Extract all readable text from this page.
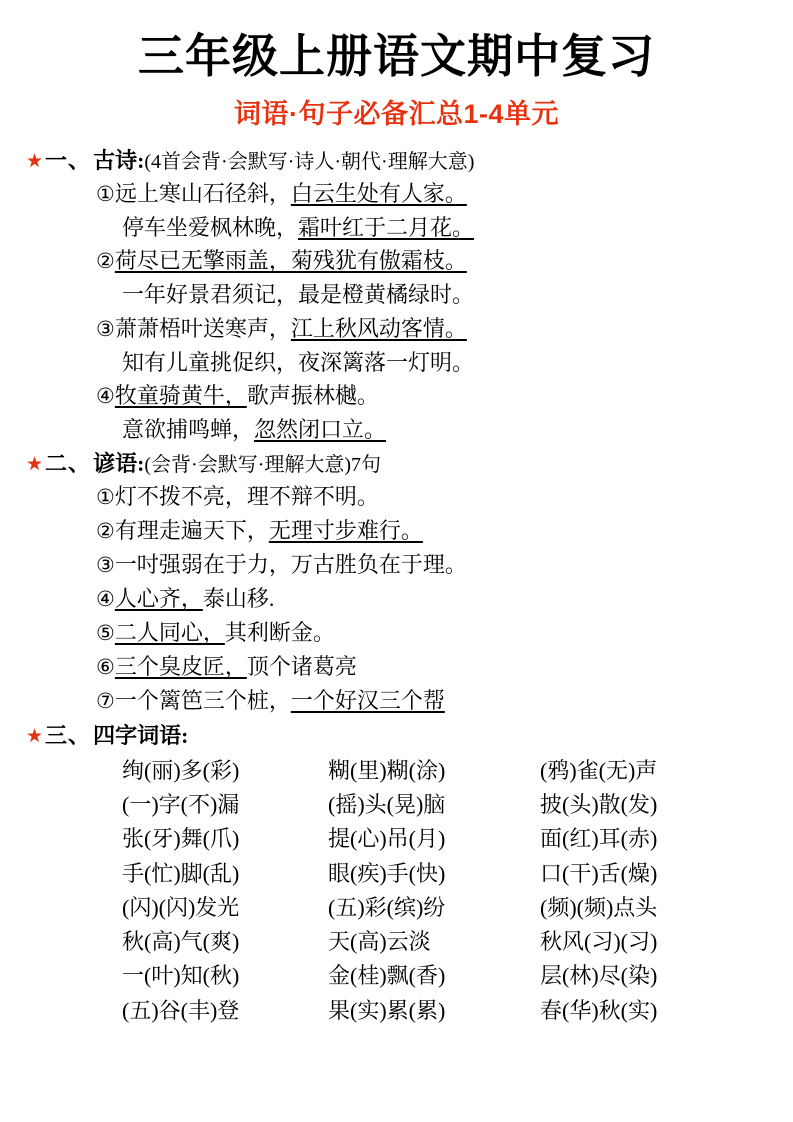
三年级上册语文期中复习
词语·句子必备汇总1-4单元
★ 一、 古诗: (4首会背·会默写·诗人·朝代·理解大意)
①远上寒山石径斜，白云生处有人家。
停车坐爱枫林晚，霜叶红于二月花。
②荷尽已无擎雨盖，菊残犹有傲霜枝。
一年好景君须记，最是橙黄橘绿时。
③萧萧梧叶送寒声，江上秋风动客情。
知有儿童挑促织，夜深篱落一灯明。
④牧童骑黄牛，歌声振林樾。
意欲捕鸣蝉，忽然闭口立。
★ 二、 谚语: (会背·会默写·理解大意)7句
①灯不拨不亮，理不辩不明。
②有理走遍天下，无理寸步难行。
③一吋强弱在于力，万古胜负在于理。
④人心齐，泰山移.
⑤二人同心，其利断金。
⑥三个臭皮匠，顶个诸葛亮
⑦一个篱笆三个桩，一个好汉三个帮
★ 三、 四字词语:
绚(丽)多(彩)	糊(里)糊(涂)	(鸦)雀(无)声
(一)字(不)漏	(摇)头(晃)脑	披(头)散(发)
张(牙)舞(爪)	提(心)吊(月)	面(红)耳(赤)
手(忙)脚(乱)	眼(疾)手(快)	口(干)舌(燥)
(闪)(闪)发光	(五)彩(缤)纷	(频)(频)点头
秋(高)气(爽)	天(高)云淡	秋风(习)(习)
一(叶)知(秋)	金(桂)飘(香)	层(林)尽(染)
(五)谷(丰)登	果(实)累(累)	春(华)秋(实)
